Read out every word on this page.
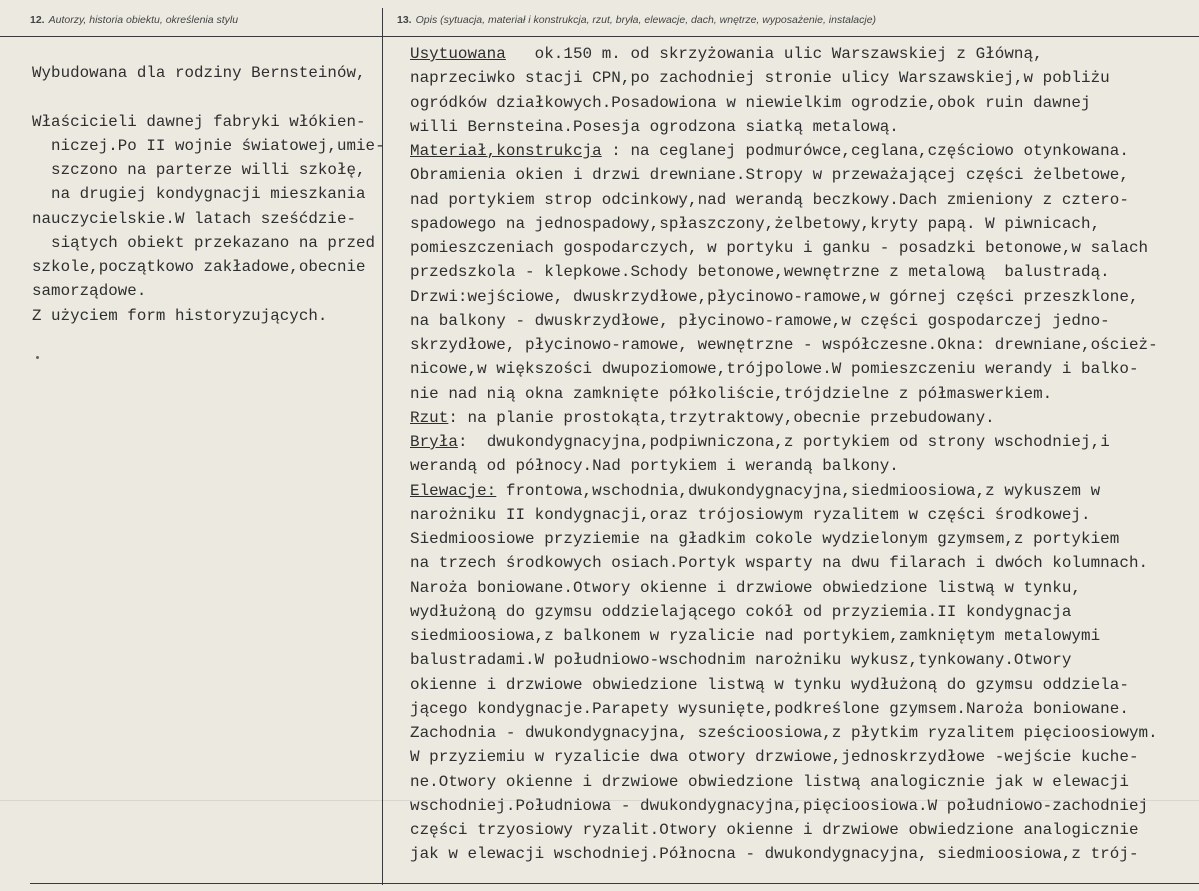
12. Autorzy, historia obiektu, określenia stylu	13. Opis (sytuacja, materiał i konstrukcja, rzut, bryła, elewacje, dach, wnętrze, wyposażenie, instalacje)
Wybudowana dla rodziny Bernsteinów,
Właścicieli dawnej fabryki włókien-
niczej.Po II wojnie światowej,umie-
szczono na parterze willi szkołę,
na drugiej kondygnacji mieszkania
nauczycielskie.W latach sześćdzie-
siątych obiekt przekazano na przed
szkole,początkowo zakładowe,obecnie
samorządowe.
Z użyciem form historyzujących.
Usytuowana   ok.150 m. od skrzyżowania ulic Warszawskiej z Główną,
naprzeciwko stacji CPN,po zachodniej stronie ulicy Warszawskiej,w pobliżu
ogródków działkowych.Posadowiona w niewielkim ogrodzie,obok ruin dawnej
willi Bernsteina.Posesja ogrodzona siatką metalową.
Materiał,konstrukcja : na ceglanej podmurówce,ceglana,częściowo otynkowana.
Obramienia okien i drzwi drewniane.Stropy w przeważającej części żelbetowe,
nad portykiem strop odcinkowy,nad werandą beczkowy.Dach zmieniony z cztero-
spadowego na jednospadowy,spłaszczony,żelbetowy,kryty papą. W piwnicach,
pomieszczeniach gospodarczych, w portyku i ganku - posadzki betonowe,w salach
przedszkola - klepkowe.Schody betonowe,wewnętrzne z metalową  balustradą.
Drzwi:wejściowe, dwuskrzydłowe,płycinowo-ramowe,w górnej części przeszklone,
na balkony - dwuskrzydłowe, płycinowo-ramowe,w części gospodarczej jedno-
skrzydłowe, płycinowo-ramowe, wewnętrzne - współczesne.Okna: drewniane,oścież-
nicowe,w większości dwupoziomowe,trójpolowe.W pomieszczeniu werandy i balko-
nie nad nią okna zamknięte półkoliście,trójdzielne z półmaswerkiem.
Rzut: na planie prostokąta,trzytraktowy,obecnie przebudowany.
Bryła:  dwukondygnacyjna,podpiwniczona,z portykiem od strony wschodniej,i
werandą od północy.Nad portykiem i werandą balkony.
Elewacje: frontowa,wschodnia,dwukondygnacyjna,siedmioosiowa,z wykuszem w
narożniku II kondygnacji,oraz trójosiowym ryzalitem w części środkowej.
Siedmioosiowe przyziemie na gładkim cokole wydzielonym gzymsem,z portykiem
na trzech środkowych osiach.Portyk wsparty na dwu filarach i dwóch kolumnach.
Naroża boniowane.Otwory okienne i drzwiowe obwiedzione listwą w tynku,
wydłużoną do gzymsu oddzielającego cokół od przyziemia.II kondygnacja
siedmioosiowa,z balkonem w ryzalicie nad portykiem,zamkniętym metalowymi
balustradami.W południowo-wschodnim narożniku wykusz,tynkowany.Otwory
okienne i drzwiowe obwiedzione listwą w tynku wydłużoną do gzymsu oddziela-
jącego kondygnacje.Parapety wysunięte,podkreślone gzymsem.Naroża boniowane.
Zachodnia - dwukondygnacyjna, sześcioosiowa,z płytkim ryzalitem pięcioosiowym.
W przyziemiu w ryzalicie dwa otwory drzwiowe,jednoskrzydłowe -wejście kuche-
ne.Otwory okienne i drzwiowe obwiedzione listwą analogicznie jak w elewacji
wschodniej.Południowa - dwukondygnacyjna,pięcioosiowa.W południowo-zachodniej
części trzyosiowy ryzalit.Otwory okienne i drzwiowe obwiedzione analogicznie
jak w elewacji wschodniej.Północna - dwukondygnacyjna, siedmioosiowa,z trój-
